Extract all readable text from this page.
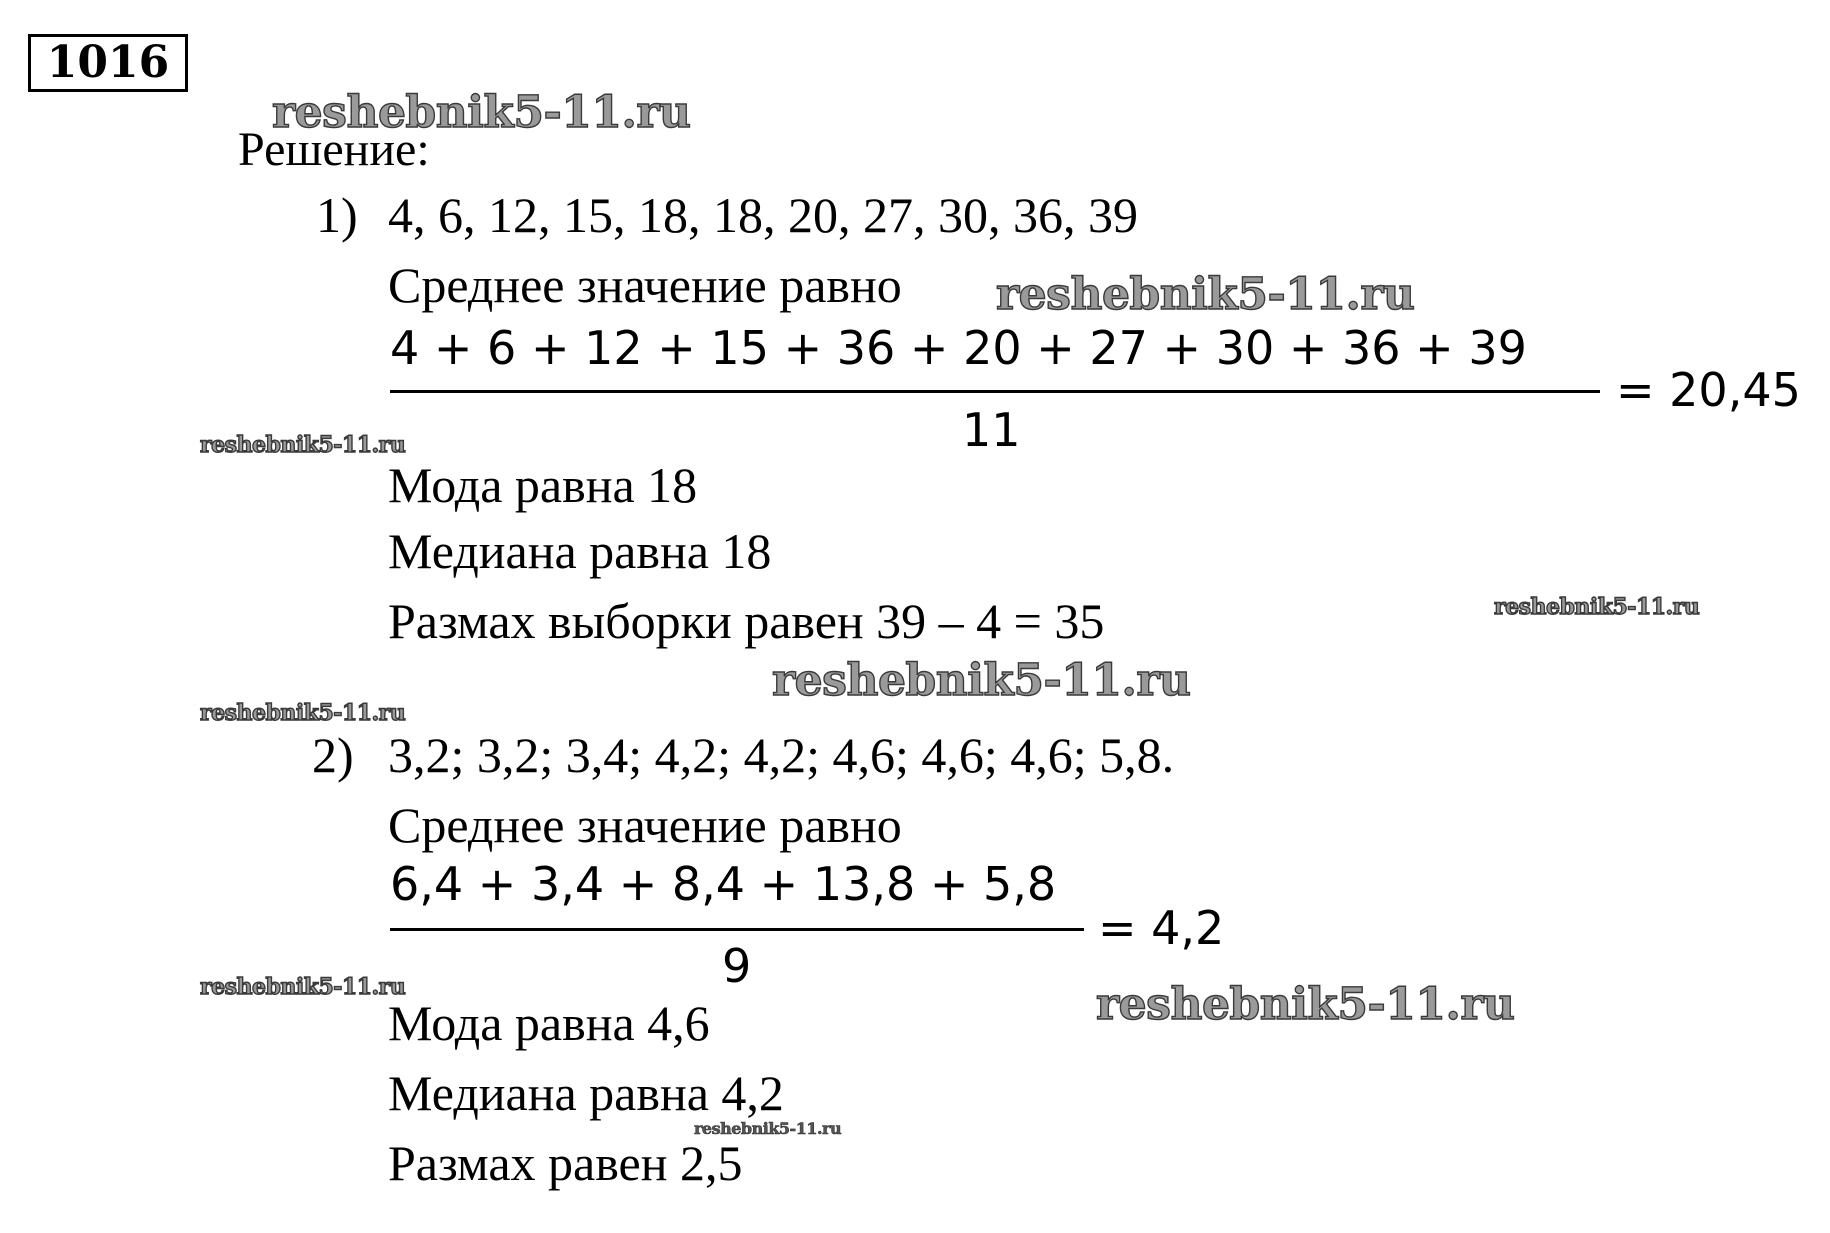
1016
Решение:
1) 4, 6, 12, 15, 18, 18, 20, 27, 30, 36, 39
Среднее значение равно
4 + 6 + 12 + 15 + 36 + 20 + 27 + 30 + 36 + 39
11
= 20,45
Мода равна 18
Медиана равна 18
Размах выборки равен 39 – 4 = 35
2) 3,2; 3,2; 3,4; 4,2; 4,2; 4,6; 4,6; 4,6; 5,8.
Среднее значение равно
6,4 + 3,4 + 8,4 + 13,8 + 5,8
9
= 4,2
Мода равна 4,6
Медиана равна 4,2
Размах равен 2,5
reshebnik5-11.ru
reshebnik5-11.ru
reshebnik5-11.ru
reshebnik5-11.ru
reshebnik5-11.ru
reshebnik5-11.ru
reshebnik5-11.ru	reshebnik5-11.ru
reshebnik5-11.ru
